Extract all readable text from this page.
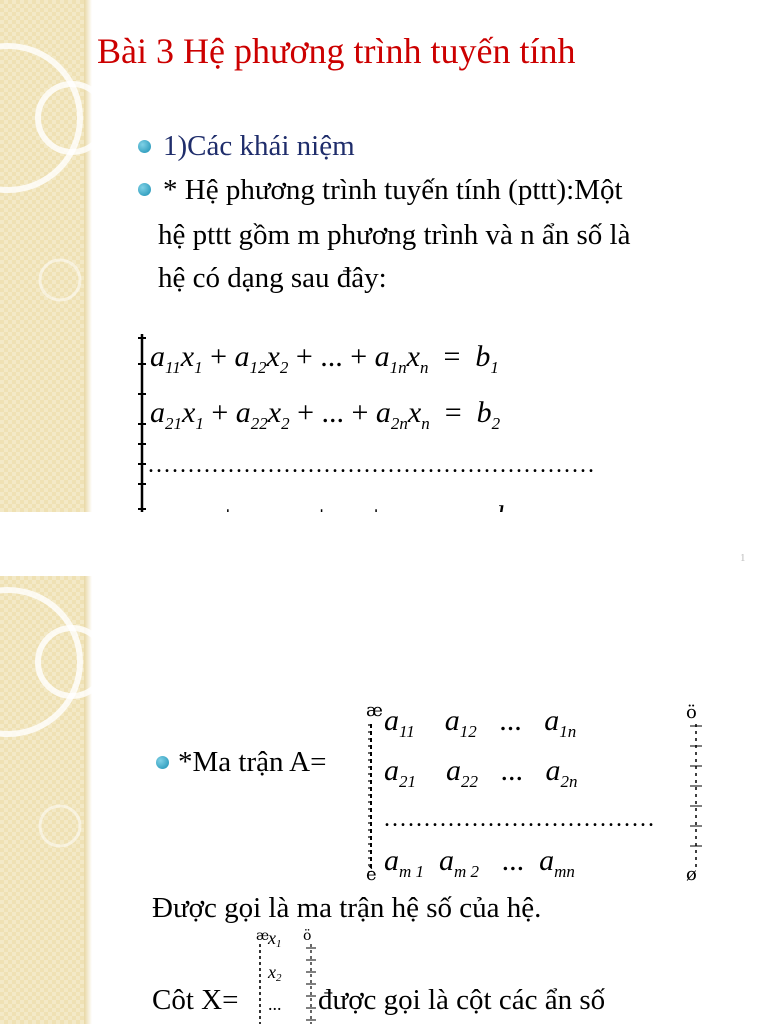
Bài 3 Hệ phương trình tuyến tính
1)Các khái niệm
* Hệ phương trình tuyến tính (pttt):Một
hệ pttt gồm m phương trình và n ẩn số là
hệ có dạng sau đây:
$a_{11}x_1 + a_{12}x_2$ + ... + $a_{1n}x_n = b_1$
$a_{21}x_1 + a_{22}x_2$ + ... + $a_{2n}x_n = b_2$
........................................................

1
*Ma trận A=
æ
è
ö
ø
$a_{11}$ $a_{12}$ ... $a_{1n}$
$a_{21}$ $a_{22}$ ... $a_{2n}$
..................................
$a_{m 1}$ $a_{m 2}$ ... $a_{mn}$
Được gọi là ma trận hệ số của hệ.
æ
$x_1$
$x_2$
...
ö
Côt X=	được gọi là cột các ẩn số
